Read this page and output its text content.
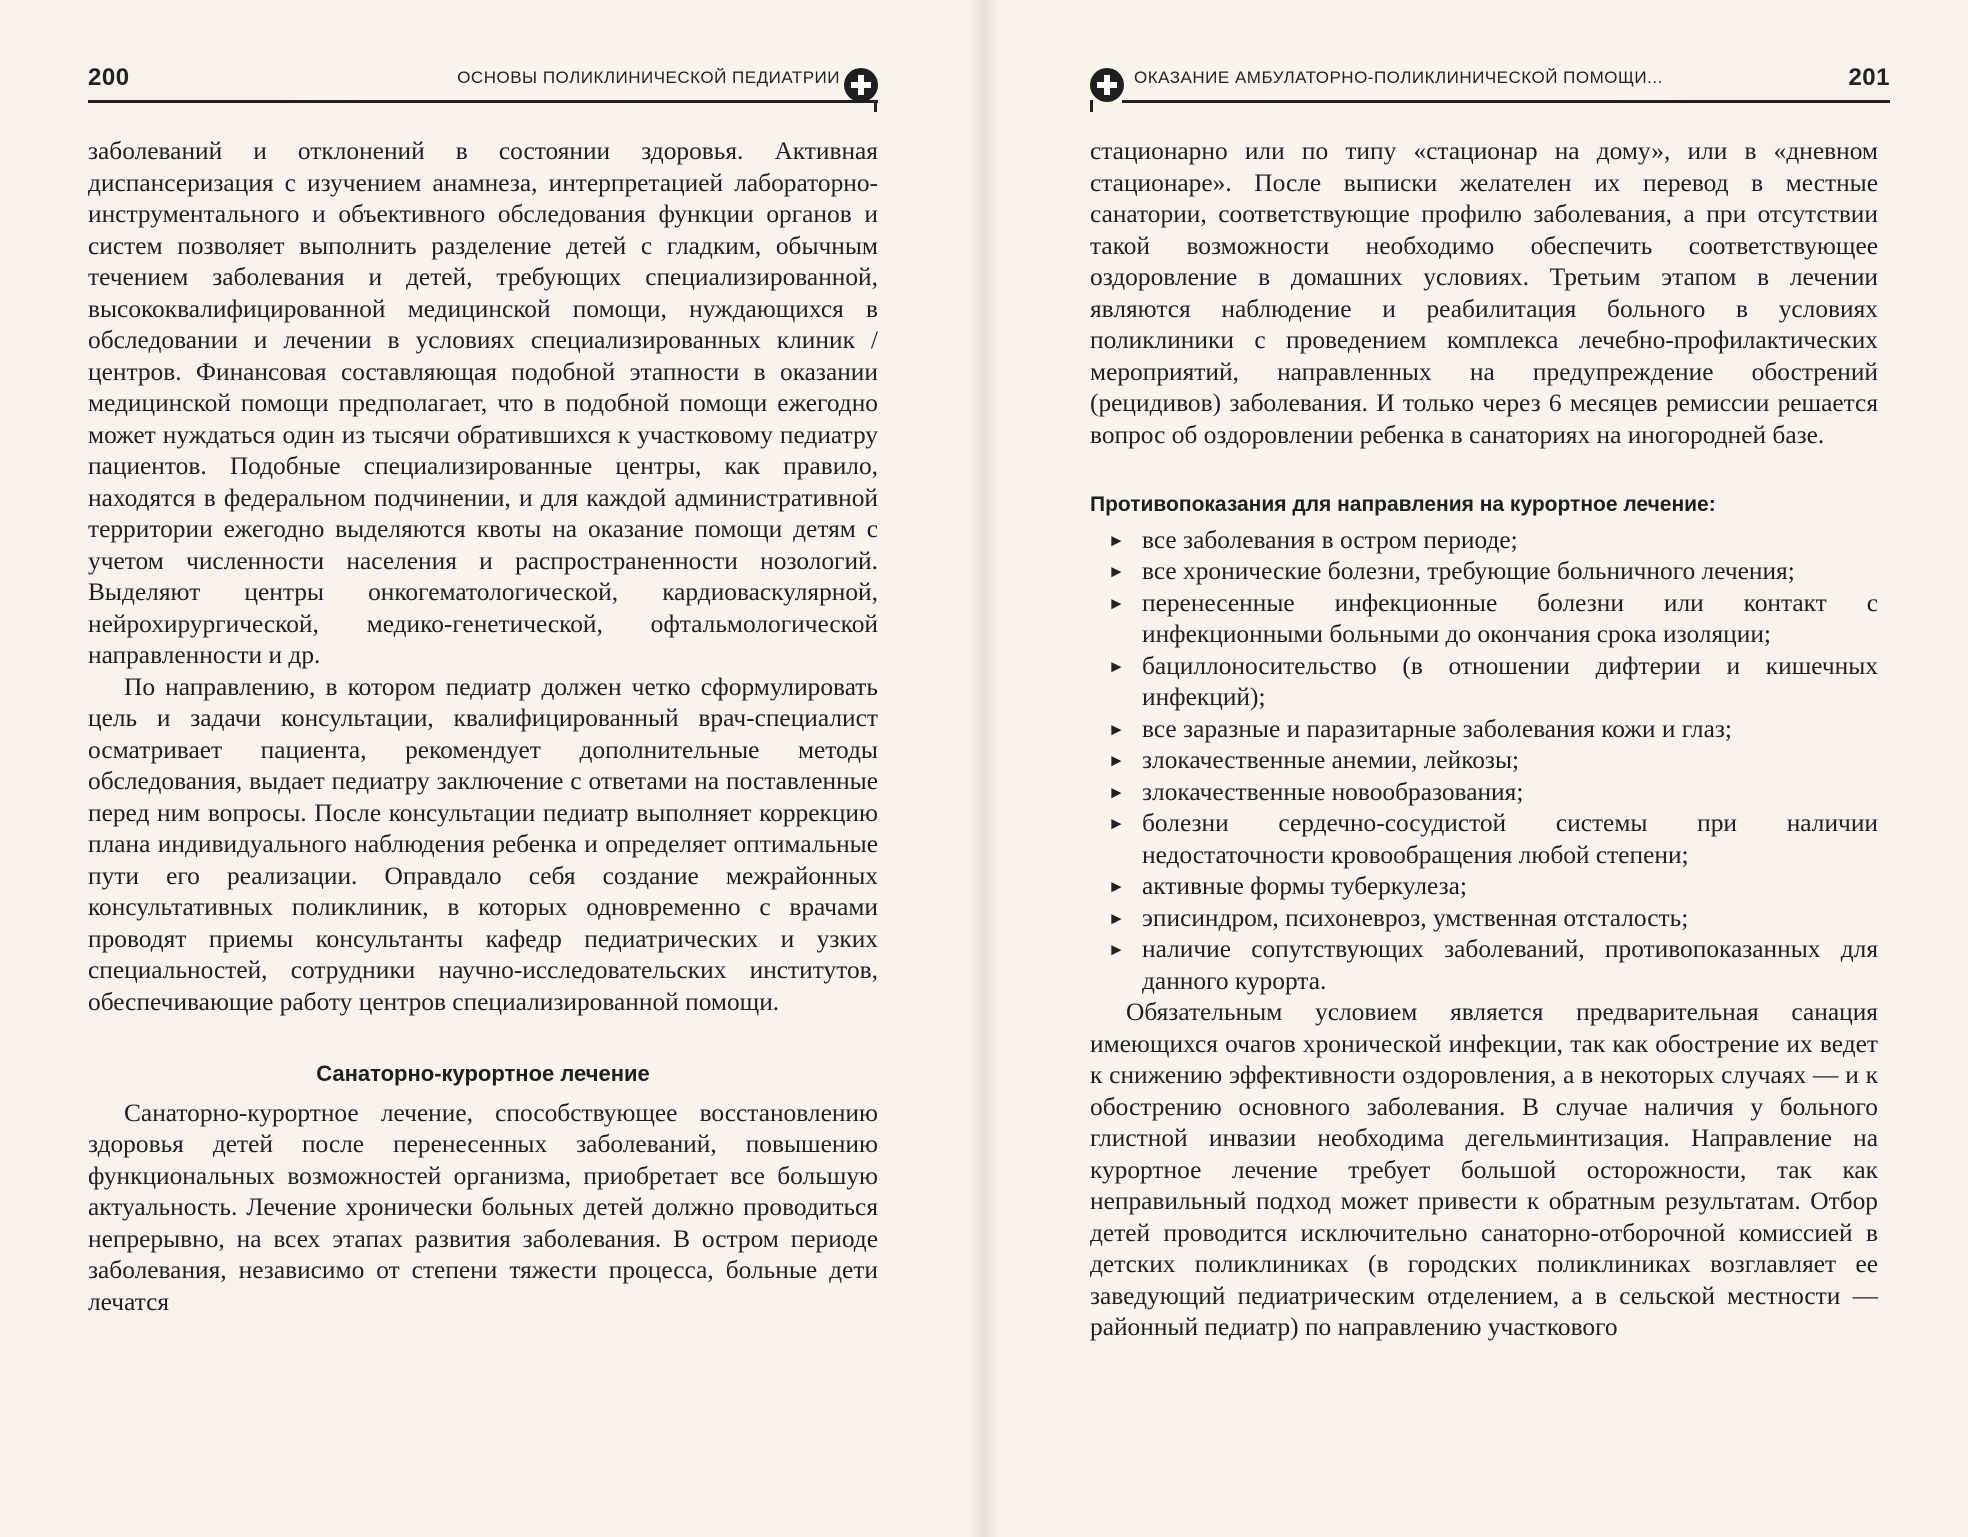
200	ОСНОВЫ ПОЛИКЛИНИЧЕСКОЙ ПЕДИАТРИИ

заболеваний и отклонений в состоянии здоровья. Активная диспансеризация с изучением анамнеза, интерпретацией лабораторно-инструментального и объективного обследования функции органов и систем позволяет выполнить разделение детей с гладким, обычным течением заболевания и детей, требующих специализированной, высококвалифицированной медицинской помощи, нуждающихся в обследовании и лечении в условиях специализированных клиник / центров. Финансовая составляющая подобной этапности в оказании медицинской помощи предполагает, что в подобной помощи ежегодно может нуждаться один из тысячи обратившихся к участковому педиатру пациентов. Подобные специализированные центры, как правило, находятся в федеральном подчинении, и для каждой административной территории ежегодно выделяются квоты на оказание помощи детям с учетом численности населения и распространенности нозологий. Выделяют центры онкогематологической, кардиоваскулярной, нейрохирургической, медико-генетической, офтальмологической направленности и др.

По направлению, в котором педиатр должен четко сформулировать цель и задачи консультации, квалифицированный врач-специалист осматривает пациента, рекомендует дополнительные методы обследования, выдает педиатру заключение с ответами на поставленные перед ним вопросы. После консультации педиатр выполняет коррекцию плана индивидуального наблюдения ребенка и определяет оптимальные пути его реализации. Оправдало себя создание межрайонных консультативных поликлиник, в которых одновременно с врачами проводят приемы консультанты кафедр педиатрических и узких специальностей, сотрудники научно-исследовательских институтов, обеспечивающие работу центров специализированной помощи.

Санаторно-курортное лечение

Санаторно-курортное лечение, способствующее восстановлению здоровья детей после перенесенных заболеваний, повышению функциональных возможностей организма, приобретает все большую актуальность. Лечение хронически больных детей должно проводиться непрерывно, на всех этапах развития заболевания. В остром периоде заболевания, независимо от степени тяжести процесса, больные дети лечатся

ОКАЗАНИЕ АМБУЛАТОРНО-ПОЛИКЛИНИЧЕСКОЙ ПОМОЩИ...	201

стационарно или по типу «стационар на дому», или в «дневном стационаре». После выписки желателен их перевод в местные санатории, соответствующие профилю заболевания, а при отсутствии такой возможности необходимо обеспечить соответствующее оздоровление в домашних условиях. Третьим этапом в лечении являются наблюдение и реабилитация больного в условиях поликлиники с проведением комплекса лечебно-профилактических мероприятий, направленных на предупреждение обострений (рецидивов) заболевания. И только через 6 месяцев ремиссии решается вопрос об оздоровлении ребенка в санаториях на иногородней базе.

Противопоказания для направления на курортное лечение:
► все заболевания в остром периоде;
► все хронические болезни, требующие больничного лечения;
► перенесенные инфекционные болезни или контакт с инфекционными больными до окончания срока изоляции;
► бациллоносительство (в отношении дифтерии и кишечных инфекций);
► все заразные и паразитарные заболевания кожи и глаз;
► злокачественные анемии, лейкозы;
► злокачественные новообразования;
► болезни сердечно-сосудистой системы при наличии недостаточности кровообращения любой степени;
► активные формы туберкулеза;
► эписиндром, психоневроз, умственная отсталость;
► наличие сопутствующих заболеваний, противопоказанных для данного курорта.

Обязательным условием является предварительная санация имеющихся очагов хронической инфекции, так как обострение их ведет к снижению эффективности оздоровления, а в некоторых случаях — и к обострению основного заболевания. В случае наличия у больного глистной инвазии необходима дегельминтизация. Направление на курортное лечение требует большой осторожности, так как неправильный подход может привести к обратным результатам. Отбор детей проводится исключительно санаторно-отборочной комиссией в детских поликлиниках (в городских поликлиниках возглавляет ее заведующий педиатрическим отделением, а в сельской местности — районный педиатр) по направлению участкового
